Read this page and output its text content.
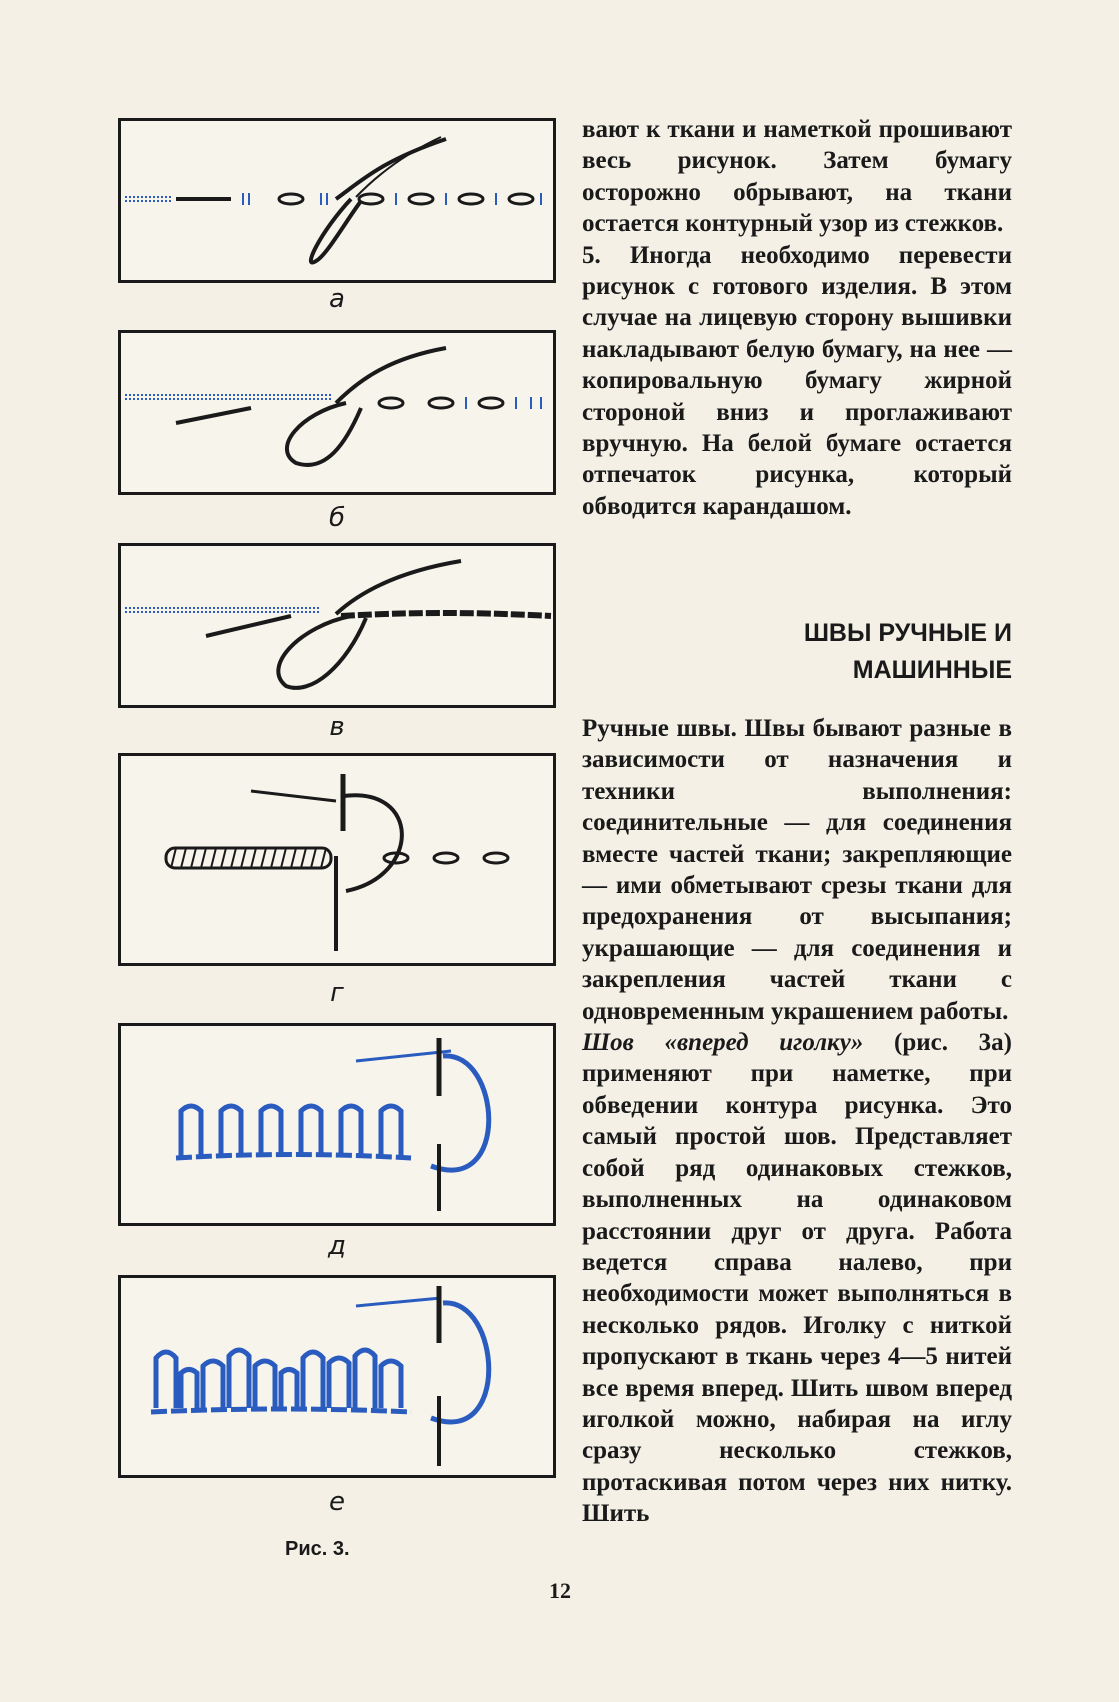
а
б
в
г
д
е
Рис. 3.

вают к ткани и наметкой прошивают весь рисунок. Затем бумагу осторожно обрывают, на ткани остается контурный узор из стежков.

5. Иногда необходимо перевести рисунок с готового изделия. В этом случае на лицевую сторону вышивки накладывают белую бумагу, на нее — копировальную бумагу жирной стороной вниз и проглаживают вручную. На белой бумаге остается отпечаток рисунка, который обводится карандашом.

ШВЫ РУЧНЫЕ И
МАШИННЫЕ

Ручные швы. Швы бывают разные в зависимости от назначения и техники выполнения: соединительные — для соединения вместе частей ткани; закрепляющие — ими обметывают срезы ткани для предохранения от высыпания; украшающие — для соединения и закрепления частей ткани с одновременным украшением работы.

Шов «вперед иголку» (рис. 3а) применяют при наметке, при обведении контура рисунка. Это самый простой шов. Представляет собой ряд одинаковых стежков, выполненных на одинаковом расстоянии друг от друга. Работа ведется справа налево, при необходимости может выполняться в несколько рядов. Иголку с ниткой пропускают в ткань через 4—5 нитей все время вперед. Шить швом вперед иголкой можно, набирая на иглу сразу несколько стежков, протаскивая потом через них нитку. Шить

12
